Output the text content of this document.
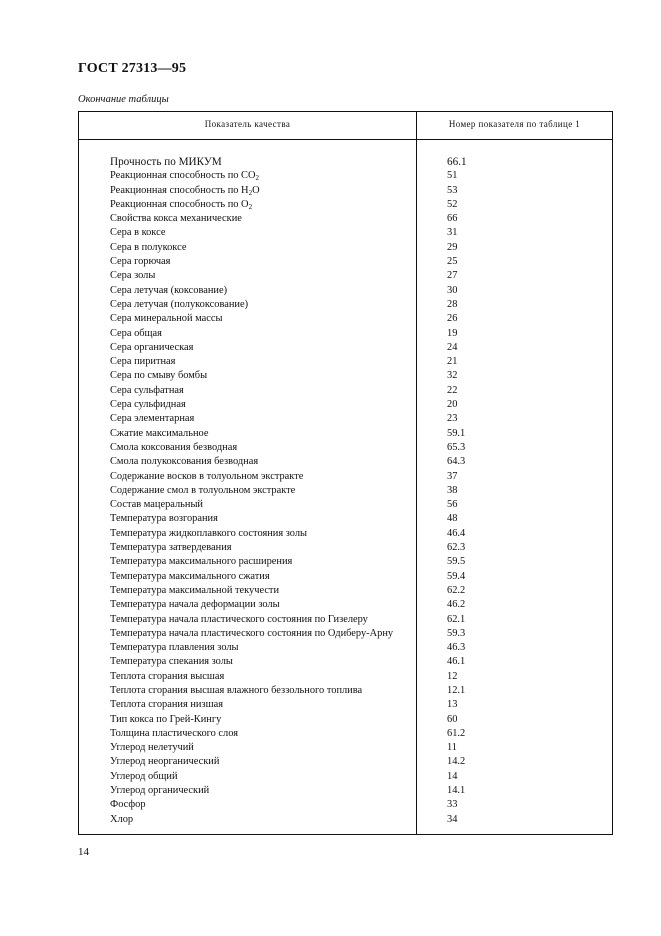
ГОСТ 27313—95
Окончание таблицы
Показатель качества	Номер показателя по таблице 1
Прочность по МИКУМ	66.1
Реакционная способность по $CO_2$	51
Реакционная способность по $H_2O$	53
Реакционная способность по $O_2$	52
Свойства кокса механические	66
Сера в коксе	31
Сера в полукоксе	29
Сера горючая	25
Сера золы	27
Сера летучая (коксование)	30
Сера летучая (полукоксование)	28
Сера минеральной массы	26
Сера общая	19
Сера органическая	24
Сера пиритная	21
Сера по смыву бомбы	32
Сера сульфатная	22
Сера сульфидная	20
Сера элементарная	23
Сжатие максимальное	59.1
Смола коксования безводная	65.3
Смола полукоксования безводная	64.3
Содержание восков в толуольном экстракте	37
Содержание смол в толуольном экстракте	38
Состав мацеральный	56
Температура возгорания	48
Температура жидкоплавкого состояния золы	46.4
Температура затвердевания	62.3
Температура максимального расширения	59.5
Температура максимального сжатия	59.4
Температура максимальной текучести	62.2
Температура начала деформации золы	46.2
Температура начала пластического состояния по Гизелеру	62.1
Температура начала пластического состояния по Одиберу-Арну	59.3
Температура плавления золы	46.3
Температура спекания золы	46.1
Теплота сгорания высшая	12
Теплота сгорания высшая влажного беззольного топлива	12.1
Теплота сгорания низшая	13
Тип кокса по Грей-Кингу	60
Толщина пластического слоя	61.2
Углерод нелетучий	11
Углерод неорганический	14.2
Углерод общий	14
Углерод органический	14.1
Фосфор	33
Хлор	34
14
